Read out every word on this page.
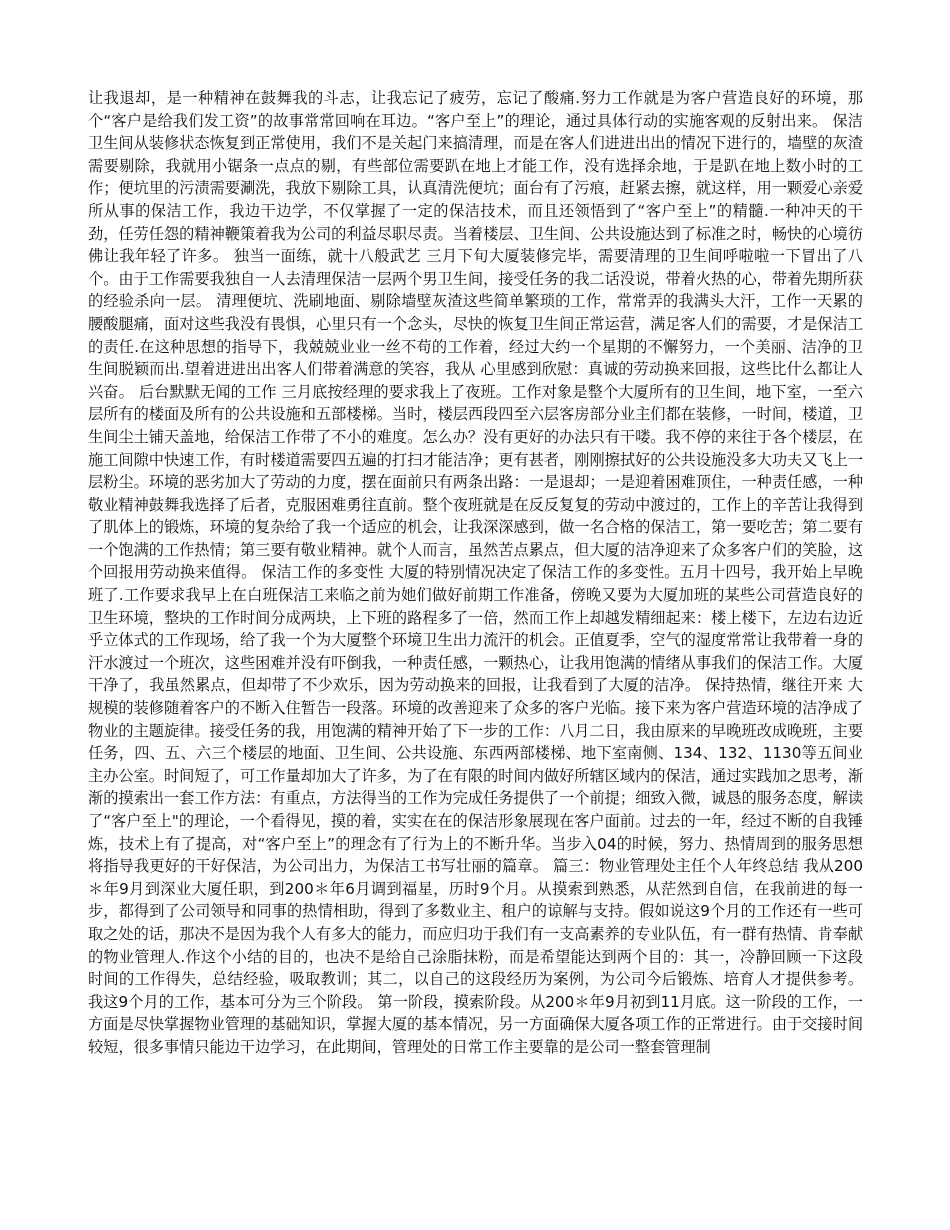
让我退却，是一种精神在鼓舞我的斗志，让我忘记了疲劳，忘记了酸痛.努力工作就是为客户营造良好的环境，那个“客户是给我们发工资”的故事常常回响在耳边。“客户至上”的理论，通过具体行动的实施客观的反射出来。 保洁卫生间从装修状态恢复到正常使用，我们不是关起门来搞清理，而是在客人们进进出出的情况下进行的，墙壁的灰渣需要剔除，我就用小锯条一点点的剔，有些部位需要趴在地上才能工作，没有选择余地，于是趴在地上数小时的工作；便坑里的污渍需要涮洗，我放下剔除工具，认真清洗便坑；面台有了污痕，赶紧去擦，就这样，用一颗爱心亲爱所从事的保洁工作，我边干边学，不仅掌握了一定的保洁技术，而且还领悟到了“客户至上”的精髓.一种冲天的干劲，任劳任怨的精神鞭策着我为公司的利益尽职尽责。当着楼层、卫生间、公共设施达到了标准之时，畅快的心境彷佛让我年轻了许多。 独当一面练，就十八般武艺 三月下旬大厦装修完毕，需要清理的卫生间呼啦啦一下冒出了八个。由于工作需要我独自一人去清理保洁一层两个男卫生间，接受任务的我二话没说，带着火热的心，带着先期所获的经验杀向一层。 清理便坑、洗刷地面、剔除墙壁灰渣这些简单繁琐的工作，常常弄的我满头大汗，工作一天累的腰酸腿痛，面对这些我没有畏惧，心里只有一个念头，尽快的恢复卫生间正常运营，满足客人们的需要，才是保洁工的责任.在这种思想的指导下，我兢兢业业一丝不苟的工作着，经过大约一个星期的不懈努力，一个美丽、洁净的卫生间脱颖而出.望着进进出出客人们带着满意的笑容，我从 心里感到欣慰：真诚的劳动换来回报，这些比什么都让人兴奋。 后台默默无闻的工作 三月底按经理的要求我上了夜班。工作对象是整个大厦所有的卫生间，地下室，一至六层所有的楼面及所有的公共设施和五部楼梯。当时，楼层西段四至六层客房部分业主们都在装修，一时间，楼道，卫生间尘土铺天盖地，给保洁工作带了不小的难度。怎么办？没有更好的办法只有干喽。我不停的来往于各个楼层，在施工间隙中快速工作，有时楼道需要四五遍的打扫才能洁净；更有甚者，刚刚擦拭好的公共设施没多大功夫又飞上一层粉尘。环境的恶劣加大了劳动的力度，摆在面前只有两条出路：一是退却；一是迎着困难顶住，一种责任感，一种敬业精神鼓舞我选择了后者，克服困难勇往直前。整个夜班就是在反反复复的劳动中渡过的，工作上的辛苦让我得到了肌体上的锻炼，环境的复杂给了我一个适应的机会，让我深深感到，做一名合格的保洁工，第一要吃苦；第二要有一个饱满的工作热情；第三要有敬业精神。就个人而言，虽然苦点累点，但大厦的洁净迎来了众多客户们的笑脸，这个回报用劳动换来值得。 保洁工作的多变性 大厦的特别情况决定了保洁工作的多变性。五月十四号，我开始上早晚班了.工作要求我早上在白班保洁工来临之前为她们做好前期工作准备，傍晚又要为大厦加班的某些公司营造良好的卫生环境，整块的工作时间分成两块，上下班的路程多了一倍，然而工作上却越发精细起来：楼上楼下，左边右边近乎立体式的工作现场，给了我一个为大厦整个环境卫生出力流汗的机会。正值夏季，空气的湿度常常让我带着一身的汗水渡过一个班次，这些困难并没有吓倒我，一种责任感，一颗热心，让我用饱满的情绪从事我们的保洁工作。大厦干净了，我虽然累点，但却带了不少欢乐，因为劳动换来的回报，让我看到了大厦的洁净。 保持热情，继往开来 大规模的装修随着客户的不断入住暂告一段落。环境的改善迎来了众多的客户光临。接下来为客户营造环境的洁净成了物业的主题旋律。接受任务的我，用饱满的精神开始了下一步的工作：八月二日，我由原来的早晚班改成晚班，主要任务，四、五、六三个楼层的地面、卫生间、公共设施、东西两部楼梯、地下室南侧、134、132、1130等五间业主办公室。时间短了，可工作量却加大了许多，为了在有限的时间内做好所辖区域内的保洁，通过实践加之思考，渐渐的摸索出一套工作方法：有重点，方法得当的工作为完成任务提供了一个前提；细致入微，诚恳的服务态度，解读了“客户至上"的理论，一个看得见，摸的着，实实在在的保洁形象展现在客户面前。过去的一年，经过不断的自我锤炼，技术上有了提高，对“客户至上”的理念有了行为上的不断升华。当步入04的时候，努力、热情周到的服务思想将指导我更好的干好保洁，为公司出力，为保洁工书写壮丽的篇章。 篇三：物业管理处主任个人年终总结 我从200＊年9月到深业大厦任职，到200＊年6月调到福星，历时9个月。从摸索到熟悉，从茫然到自信，在我前进的每一步，都得到了公司领导和同事的热情相助，得到了多数业主、租户的谅解与支持。假如说这9个月的工作还有一些可取之处的话，那决不是因为我个人有多大的能力，而应归功于我们有一支高素养的专业队伍，有一群有热情、肯奉献的物业管理人.作这个小结的目的，也决不是给自己涂脂抹粉，而是希望能达到两个目的：其一，冷静回顾一下这段时间的工作得失，总结经验，吸取教训；其二，以自己的这段经历为案例，为公司今后锻炼、培育人才提供参考。 我这9个月的工作，基本可分为三个阶段。 第一阶段，摸索阶段。从200＊年9月初到11月底。这一阶段的工作，一方面是尽快掌握物业管理的基础知识，掌握大厦的基本情况，另一方面确保大厦各项工作的正常进行。由于交接时间较短，很多事情只能边干边学习，在此期间，管理处的日常工作主要靠的是公司一整套管理制
